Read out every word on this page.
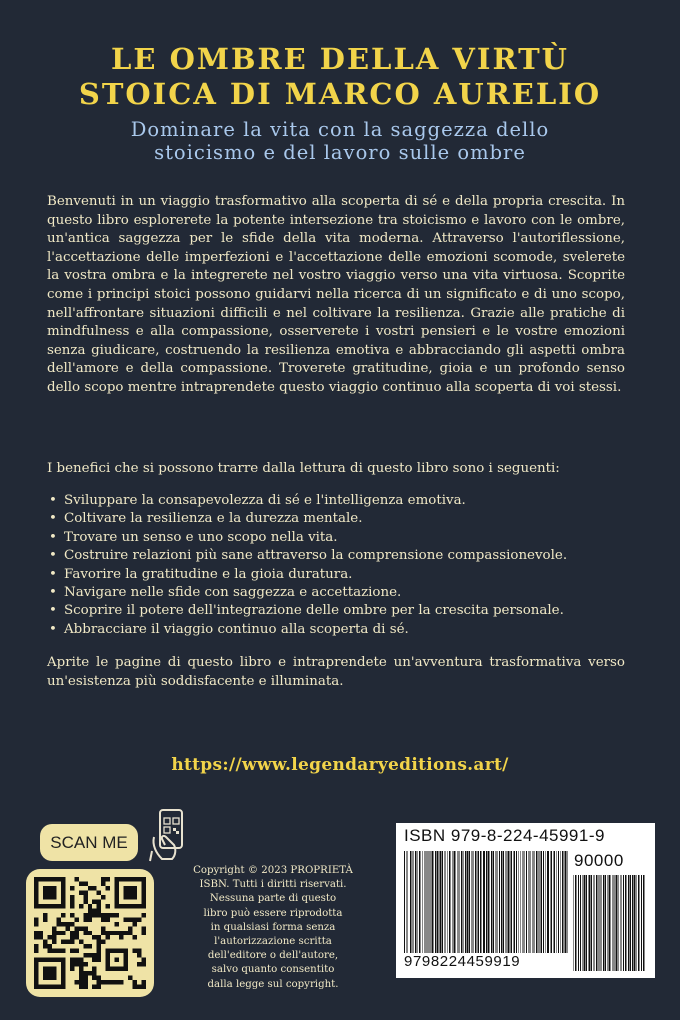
LE OMBRE DELLA VIRTÙ
STOICA DI MARCO AURELIO
Dominare la vita con la saggezza dello
stoicismo e del lavoro sulle ombre
Benvenuti in un viaggio trasformativo alla scoperta di sé e della propria crescita. In questo libro esplorerete la potente intersezione tra stoicismo e lavoro con le ombre, un'antica saggezza per le sfide della vita moderna. Attraverso l'autoriflessione, l'accettazione delle imperfezioni e l'accettazione delle emozioni scomode, svelerete la vostra ombra e la integrerete nel vostro viaggio verso una vita virtuosa. Scoprite come i principi stoici possono guidarvi nella ricerca di un significato e di uno scopo, nell'affrontare situazioni difficili e nel coltivare la resilienza. Grazie alle pratiche di mindfulness e alla compassione, osserverete i vostri pensieri e le vostre emozioni senza giudicare, costruendo la resilienza emotiva e abbracciando gli aspetti ombra dell'amore e della compassione. Troverete gratitudine, gioia e un profondo senso dello scopo mentre intraprendete questo viaggio continuo alla scoperta di voi stessi.
I benefici che si possono trarre dalla lettura di questo libro sono i seguenti:
• Sviluppare la consapevolezza di sé e l'intelligenza emotiva.
• Coltivare la resilienza e la durezza mentale.
• Trovare un senso e uno scopo nella vita.
• Costruire relazioni più sane attraverso la comprensione compassionevole.
• Favorire la gratitudine e la gioia duratura.
• Navigare nelle sfide con saggezza e accettazione.
• Scoprire il potere dell'integrazione delle ombre per la crescita personale.
• Abbracciare il viaggio continuo alla scoperta di sé.
Aprite le pagine di questo libro e intraprendete un'avventura trasformativa verso un'esistenza più soddisfacente e illuminata.
https://www.legendaryeditions.art/
SCAN ME
Copyright © 2023 PROPRIETÀ
ISBN. Tutti i diritti riservati.
Nessuna parte di questo
libro può essere riprodotta
in qualsiasi forma senza
l'autorizzazione scritta
dell'editore o dell'autore,
salvo quanto consentito
dalla legge sul copyright.
ISBN 979-8-224-45991-9
90000
9798224459919
